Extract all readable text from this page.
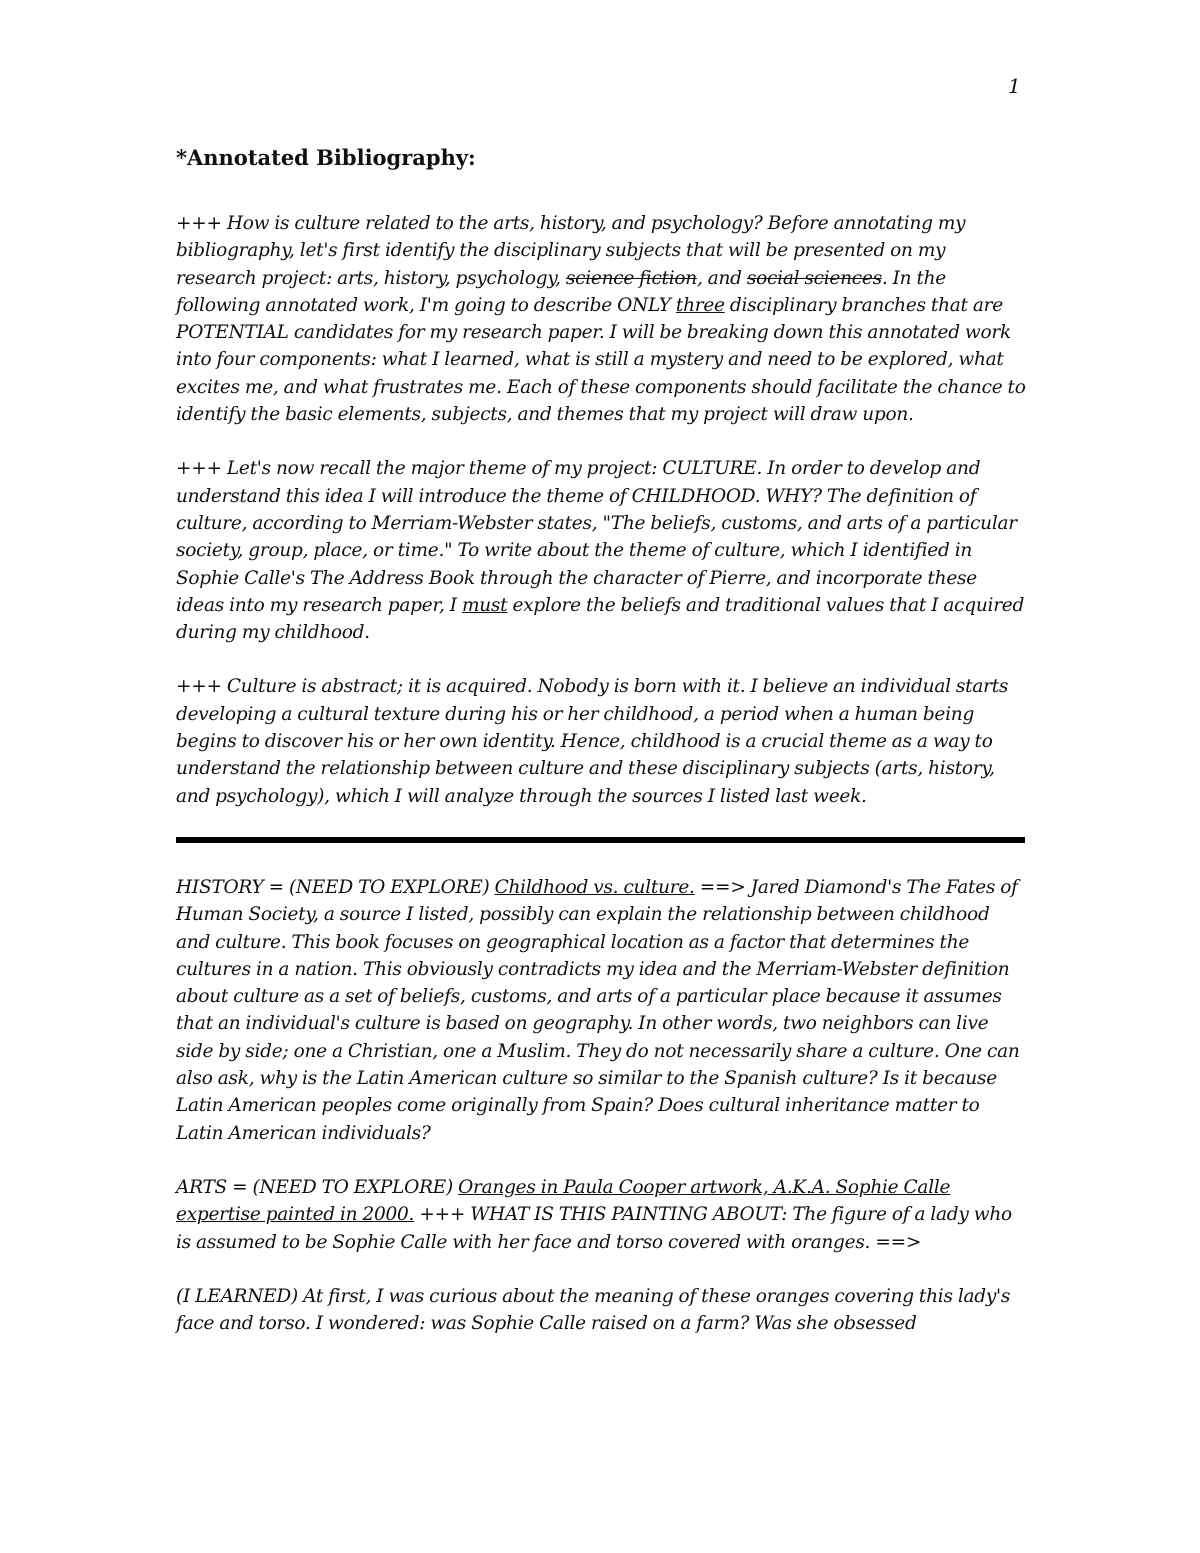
1
*Annotated Bibliography:

+++ How is culture related to the arts, history, and psychology? Before annotating my bibliography, let's first identify the disciplinary subjects that will be presented on my research project: arts, history, psychology, science fiction, and social sciences. In the following annotated work, I'm going to describe ONLY three disciplinary branches that are POTENTIAL candidates for my research paper. I will be breaking down this annotated work into four components: what I learned, what is still a mystery and need to be explored, what excites me, and what frustrates me. Each of these components should facilitate the chance to identify the basic elements, subjects, and themes that my project will draw upon.

+++ Let's now recall the major theme of my project: CULTURE. In order to develop and understand this idea I will introduce the theme of CHILDHOOD. WHY? The definition of culture, according to Merriam-Webster states, "The beliefs, customs, and arts of a particular society, group, place, or time." To write about the theme of culture, which I identified in Sophie Calle's The Address Book through the character of Pierre, and incorporate these ideas into my research paper, I must explore the beliefs and traditional values that I acquired during my childhood.

+++ Culture is abstract; it is acquired. Nobody is born with it. I believe an individual starts developing a cultural texture during his or her childhood, a period when a human being begins to discover his or her own identity. Hence, childhood is a crucial theme as a way to understand the relationship between culture and these disciplinary subjects (arts, history, and psychology), which I will analyze through the sources I listed last week.

HISTORY = (NEED TO EXPLORE) Childhood vs. culture. ==> Jared Diamond's The Fates of Human Society, a source I listed, possibly can explain the relationship between childhood and culture. This book focuses on geographical location as a factor that determines the cultures in a nation. This obviously contradicts my idea and the Merriam-Webster definition about culture as a set of beliefs, customs, and arts of a particular place because it assumes that an individual's culture is based on geography. In other words, two neighbors can live side by side; one a Christian, one a Muslim. They do not necessarily share a culture. One can also ask, why is the Latin American culture so similar to the Spanish culture? Is it because Latin American peoples come originally from Spain? Does cultural inheritance matter to Latin American individuals?

ARTS = (NEED TO EXPLORE) Oranges in Paula Cooper artwork, A.K.A. Sophie Calle expertise painted in 2000. +++ WHAT IS THIS PAINTING ABOUT: The figure of a lady who is assumed to be Sophie Calle with her face and torso covered with oranges. ==>

(I LEARNED) At first, I was curious about the meaning of these oranges covering this lady's face and torso. I wondered: was Sophie Calle raised on a farm? Was she obsessed
